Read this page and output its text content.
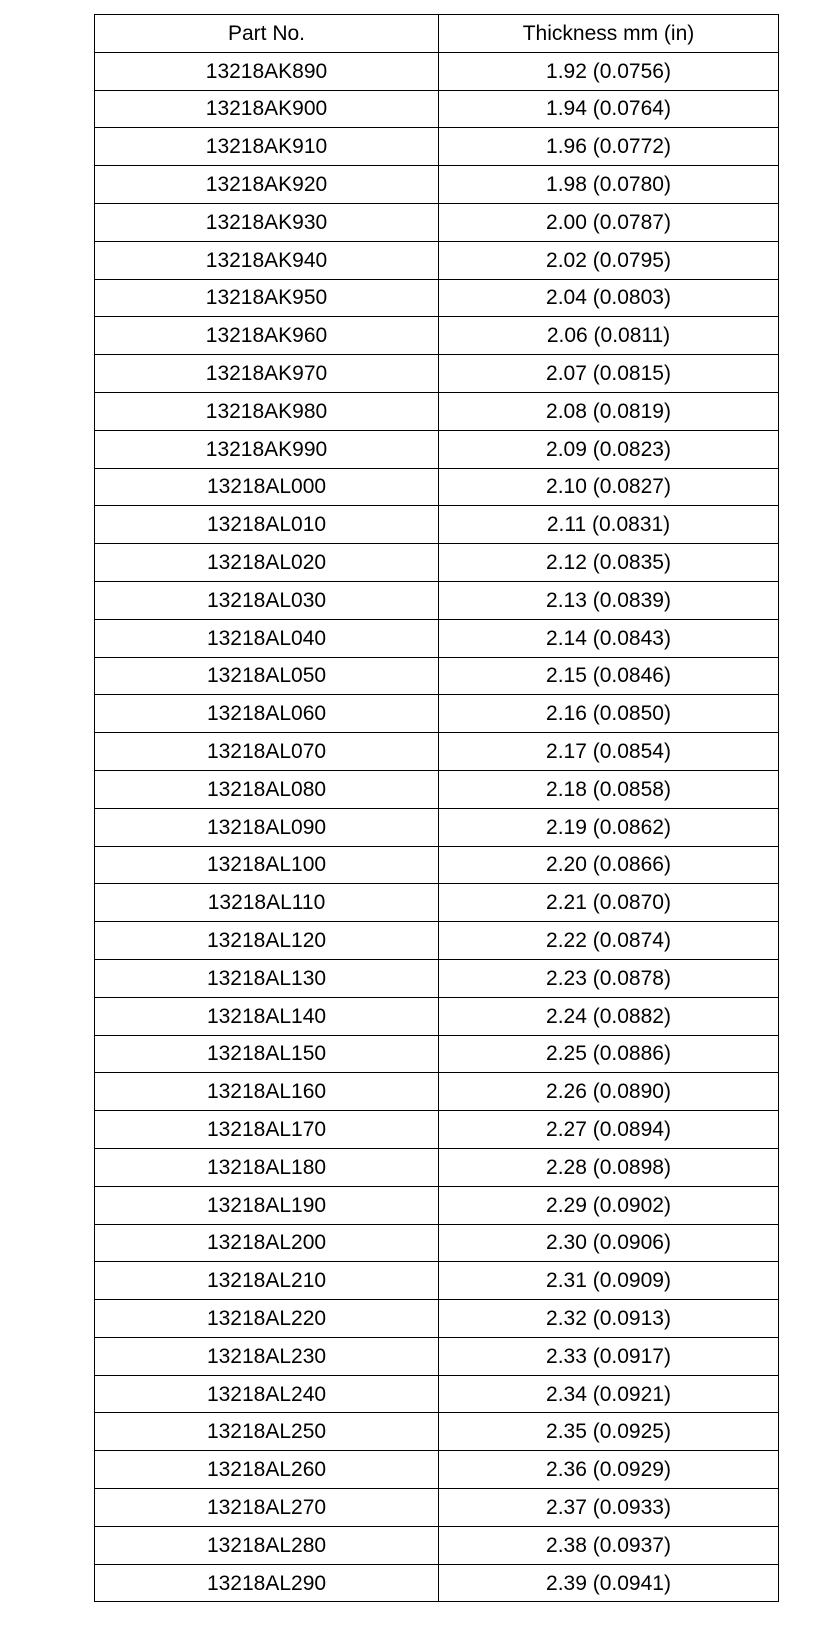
Part No.	Thickness mm (in)
13218AK890	1.92 (0.0756)
13218AK900	1.94 (0.0764)
13218AK910	1.96 (0.0772)
13218AK920	1.98 (0.0780)
13218AK930	2.00 (0.0787)
13218AK940	2.02 (0.0795)
13218AK950	2.04 (0.0803)
13218AK960	2.06 (0.0811)
13218AK970	2.07 (0.0815)
13218AK980	2.08 (0.0819)
13218AK990	2.09 (0.0823)
13218AL000	2.10 (0.0827)
13218AL010	2.11 (0.0831)
13218AL020	2.12 (0.0835)
13218AL030	2.13 (0.0839)
13218AL040	2.14 (0.0843)
13218AL050	2.15 (0.0846)
13218AL060	2.16 (0.0850)
13218AL070	2.17 (0.0854)
13218AL080	2.18 (0.0858)
13218AL090	2.19 (0.0862)
13218AL100	2.20 (0.0866)
13218AL110	2.21 (0.0870)
13218AL120	2.22 (0.0874)
13218AL130	2.23 (0.0878)
13218AL140	2.24 (0.0882)
13218AL150	2.25 (0.0886)
13218AL160	2.26 (0.0890)
13218AL170	2.27 (0.0894)
13218AL180	2.28 (0.0898)
13218AL190	2.29 (0.0902)
13218AL200	2.30 (0.0906)
13218AL210	2.31 (0.0909)
13218AL220	2.32 (0.0913)
13218AL230	2.33 (0.0917)
13218AL240	2.34 (0.0921)
13218AL250	2.35 (0.0925)
13218AL260	2.36 (0.0929)
13218AL270	2.37 (0.0933)
13218AL280	2.38 (0.0937)
13218AL290	2.39 (0.0941)
